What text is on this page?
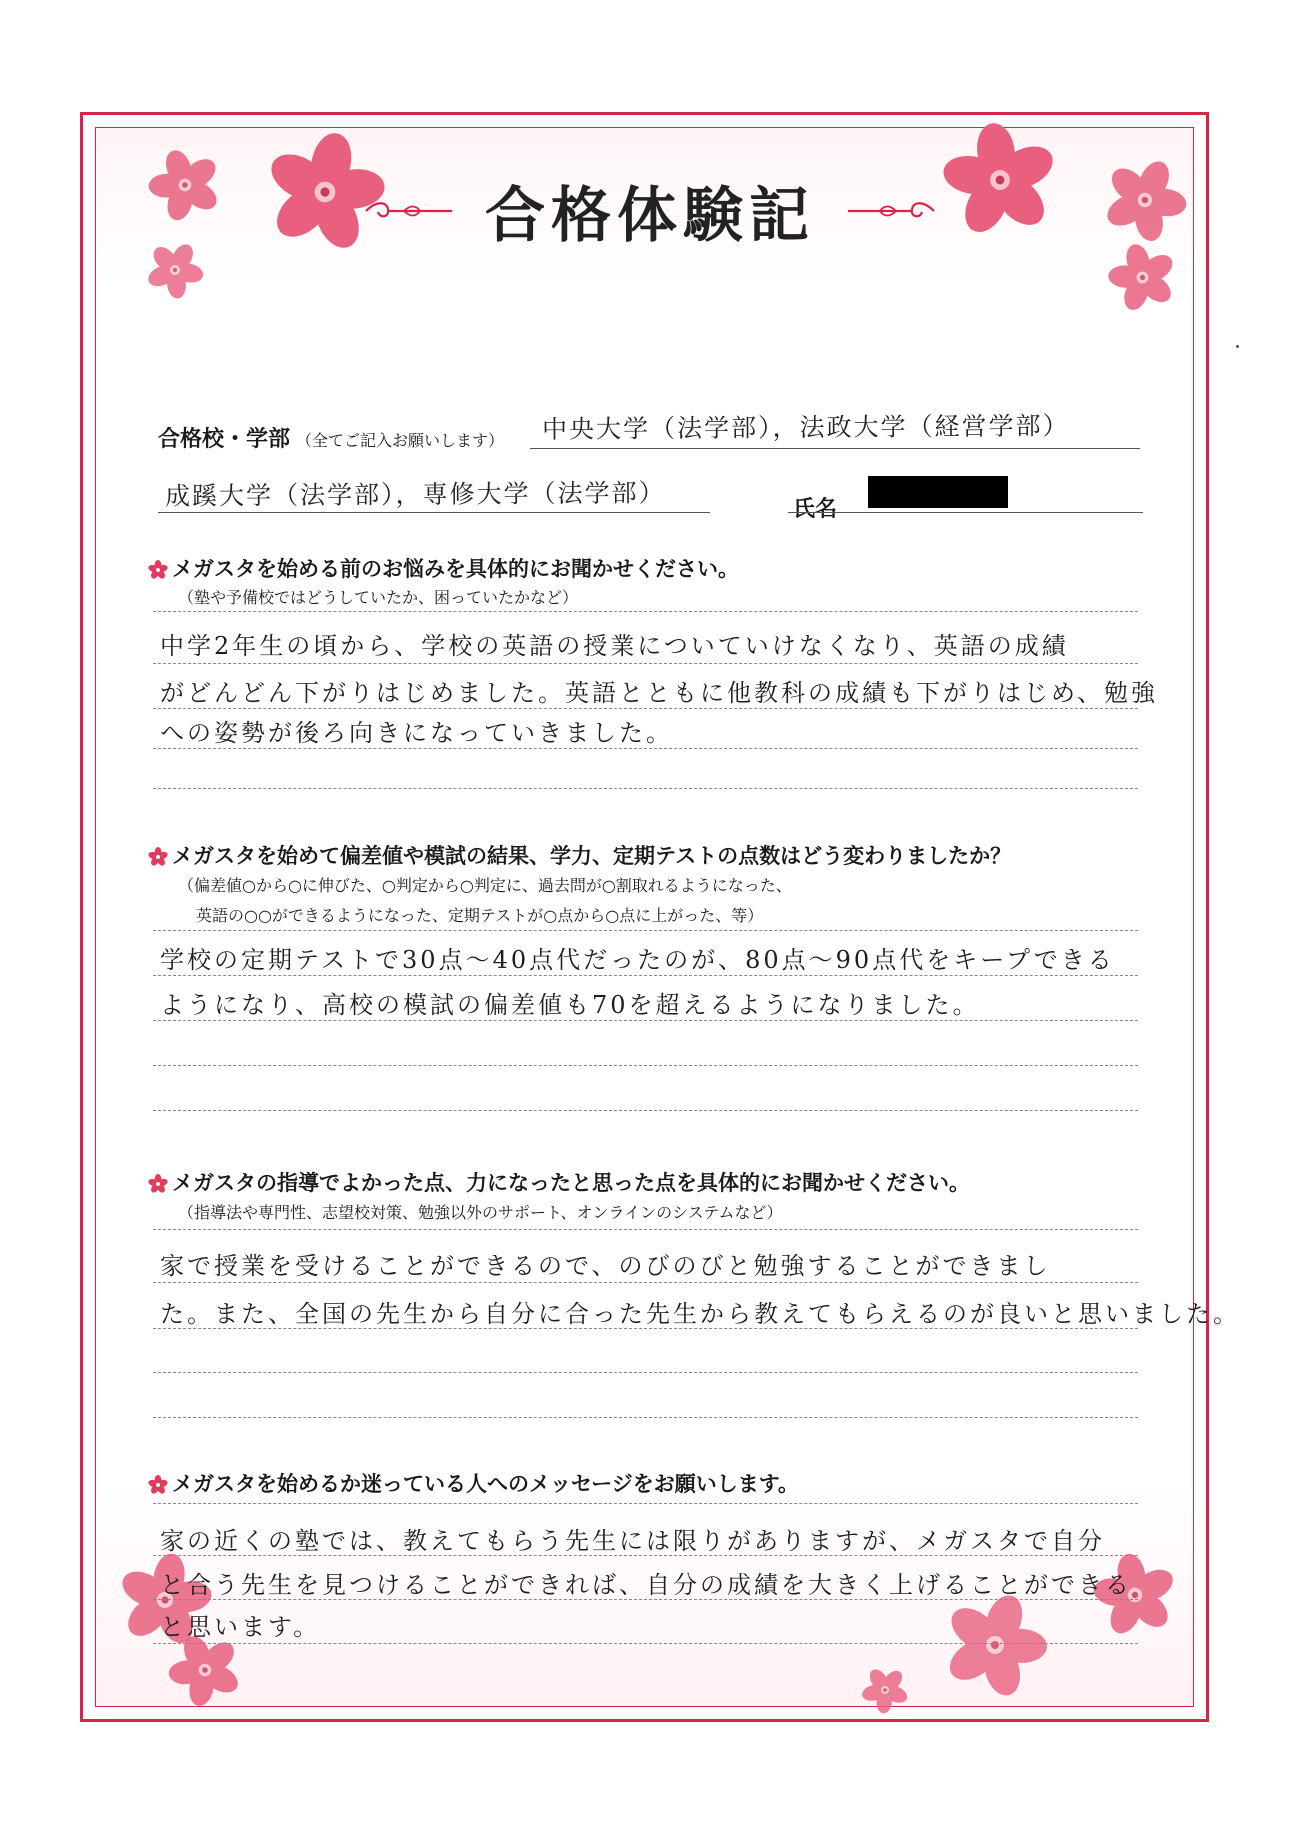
合格体験記
合格校・学部 （全てご記入お願いします） 中央大学（法学部），法政大学（経営学部）
成蹊大学（法学部），専修大学（法学部）	氏名
メガスタを始める前のお悩みを具体的にお聞かせください。
（塾や予備校ではどうしていたか、困っていたかなど）
中学2年生の頃から、学校の英語の授業についていけなくなり、英語の成績
がどんどん下がりはじめました。英語とともに他教科の成績も下がりはじめ、勉強
への姿勢が後ろ向きになっていきました。
メガスタを始めて偏差値や模試の結果、学力、定期テストの点数はどう変わりましたか？
（偏差値○から○に伸びた、○判定から○判定に、過去問が○割取れるようになった、
英語の○○ができるようになった、定期テストが○点から○点に上がった、等）
学校の定期テストで30点～40点代だったのが、80点～90点代をキープできる
ようになり、高校の模試の偏差値も70を超えるようになりました。
メガスタの指導でよかった点、力になったと思った点を具体的にお聞かせください。
（指導法や専門性、志望校対策、勉強以外のサポート、オンラインのシステムなど）
家で授業を受けることができるので、のびのびと勉強することができまし
た。また、全国の先生から自分に合った先生から教えてもらえるのが良いと思いました。
メガスタを始めるか迷っている人へのメッセージをお願いします。
家の近くの塾では、教えてもらう先生には限りがありますが、メガスタで自分
と合う先生を見つけることができれば、自分の成績を大きく上げることができる
と思います。
